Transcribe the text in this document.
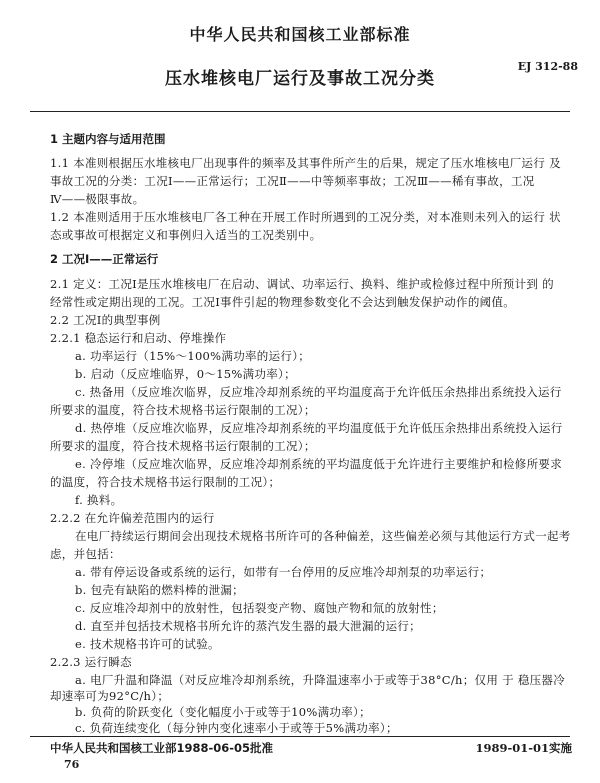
中华人民共和国核工业部标准
压水堆核电厂运行及事故工况分类
EJ 312-88
1 主题内容与适用范围
1.1 本准则根据压水堆核电厂出现事件的频率及其事件所产生的后果，规定了压水堆核电厂运行 及
事故工况的分类：工况Ⅰ——正常运行；工况Ⅱ——中等频率事故；工况Ⅲ——稀有事故，工况
Ⅳ——极限事故。
1.2 本准则适用于压水堆核电厂各工种在开展工作时所遇到的工况分类，对本准则未列入的运行 状
态或事故可根据定义和事例归入适当的工况类别中。
2 工况Ⅰ——正常运行
2.1 定义：工况Ⅰ是压水堆核电厂在启动、调试、功率运行、换料、维护或检修过程中所预计到 的
经常性或定期出现的工况。工况Ⅰ事件引起的物理参数变化不会达到触发保护动作的阈值。
2.2 工况Ⅰ的典型事例
2.2.1 稳态运行和启动、停堆操作
a. 功率运行（15%～100%满功率的运行）；
b. 启动（反应堆临界，0～15%满功率）；
c. 热备用（反应堆次临界，反应堆冷却剂系统的平均温度高于允许低压余热排出系统投入运行
所要求的温度，符合技术规格书运行限制的工况）；
d. 热停堆（反应堆次临界，反应堆冷却剂系统的平均温度低于允许低压余热排出系统投入运行
所要求的温度，符合技术规格书运行限制的工况）；
e. 冷停堆（反应堆次临界，反应堆冷却剂系统的平均温度低于允许进行主要维护和检修所要求
的温度，符合技术规格书运行限制的工况）；
f. 换料。
2.2.2 在允许偏差范围内的运行
在电厂持续运行期间会出现技术规格书所许可的各种偏差，这些偏差必须与其他运行方式一起考
虑，并包括：
a. 带有停运设备或系统的运行，如带有一台停用的反应堆冷却剂泵的功率运行；
b. 包壳有缺陷的燃料棒的泄漏；
c. 反应堆冷却剂中的放射性，包括裂变产物、腐蚀产物和氚的放射性；
d. 直至并包括技术规格书所允许的蒸汽发生器的最大泄漏的运行；
e. 技术规格书许可的试验。
2.2.3 运行瞬态
a. 电厂升温和降温（对反应堆冷却剂系统，升降温速率小于或等于38°C/h；仅用 于 稳压器冷
却速率可为92°C/h）；
b. 负荷的阶跃变化（变化幅度小于或等于10%满功率）；
c. 负荷连续变化（每分钟内变化速率小于或等于5%满功率）；
中华人民共和国核工业部1988-06-05批准	1989-01-01实施
76
